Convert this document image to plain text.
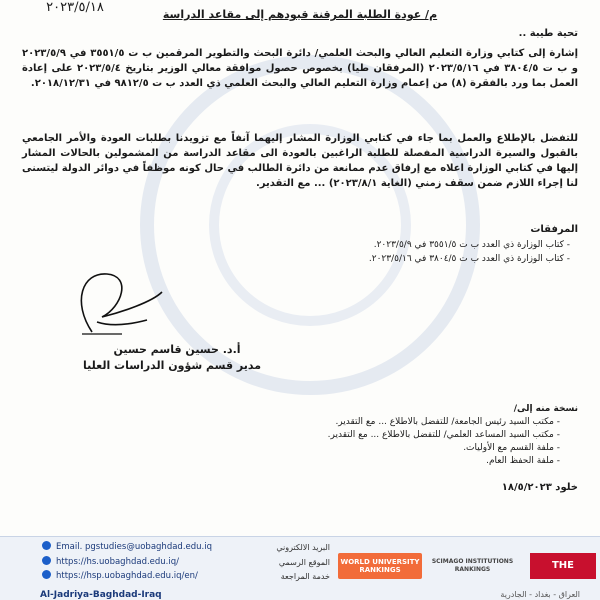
م/ عودة الطلبة المرقنة قيودهم إلى مقاعد الدراسة
تحية طيبة ..
إشارة إلى كتابي وزارة التعليم العالي والبحث العلمي/ دائرة البحث والتطوير المرقمين ب ت ٣٥٥١/٥ في ٢٠٢٣/٥/٩ و ب ت ٣٨٠٤/٥ في ٢٠٢٣/٥/١٦ (المرفقان طيا) بخصوص حصول موافقة معالي الوزير بتاريخ ٢٠٢٣/٥/٤ على إعادة العمل بما ورد بالفقرة (٨) من إعمام وزارة التعليم العالي والبحث العلمي ذي العدد ب ت ٩٨١٢/٥ في ٢٠١٨/١٢/٣١.
للتفضل بالإطلاع والعمل بما جاء في كتابي الوزارة المشار إليهما آنفاً مع تزويدنا بطلبات العودة والأمر الجامعي بالقبول والسيرة الدراسية المفصلة للطلبة الراغبين بالعودة الى مقاعد الدراسة من المشمولين بالحالات المشار إليها في كتابي الوزارة اعلاه مع إرفاق عدم ممانعة من دائرة الطالب في حال كونه موظفاً في دوائر الدولة ليتسنى لنا إجراء اللازم ضمن سقف زمني (الغاية ٢٠٢٣/٨/١) ... مع التقدير.
المرفقات
- كتاب الوزارة ذي العدد ب ت ٣٥٥١/٥ في ٢٠٢٣/٥/٩.
- كتاب الوزارة ذي العدد ب ت ٣٨٠٤/٥ في ٢٠٢٣/٥/١٦.
أ.د. حسين قاسم حسين
مدير قسم شؤون الدراسات العليا
٢٠٢٣/٥/١٨
نسخة منه إلى/
- مكتب السيد رئيس الجامعة/ للتفضل بالاطلاع ... مع التقدير.
- مكتب السيد المساعد العلمي/ للتفضل بالاطلاع ... مع التقدير.
- ملفة القسم مع الأوليات.
- ملفة الحفظ العام.
خلود ١٨/٥/٢٠٢٣
Email. pgstudies@uobaghdad.edu.iq
https://hs.uobaghdad.edu.iq/
https://hsp.uobaghdad.edu.iq/en/
البريد الالكتروني
الموقع الرسمي
خدمة المراجعة
WORLD UNIVERSITY RANKINGS
SCIMAGO INSTITUTIONS RANKINGS	THE
Al-Jadriya-Baghdad-Iraq	العراق - بغداد - الجادرية
